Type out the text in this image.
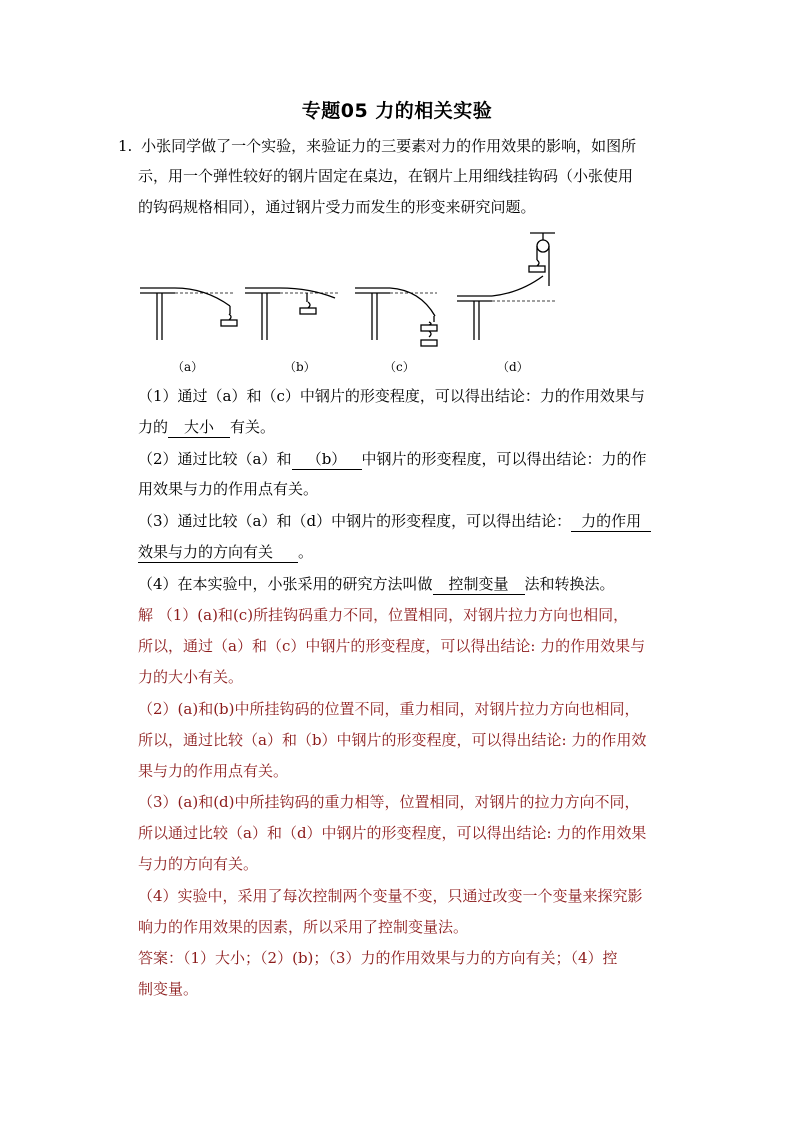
专题05 力的相关实验
1. 小张同学做了一个实验，来验证力的三要素对力的作用效果的影响，如图所
示，用一个弹性较好的钢片固定在桌边，在钢片上用细线挂钩码（小张使用
的钩码规格相同），通过钢片受力而发生的形变来研究问题。
（a）	（b）	（c）	（d）
（1）通过（a）和（c）中钢片的形变程度，可以得出结论：力的作用效果与
力的 大小 有关。
（2）通过比较（a）和 （b） 中钢片的形变程度，可以得出结论：力的作
用效果与力的作用点有关。
（3）通过比较（a）和（d）中钢片的形变程度，可以得出结论： 力的作用
效果与力的方向有关 。
（4）在本实验中，小张采用的研究方法叫做 控制变量 法和转换法。
解 （1）(a)和(c)所挂钩码重力不同，位置相同，对钢片拉力方向也相同，
所以，通过（a）和（c）中钢片的形变程度，可以得出结论: 力的作用效果与
力的大小有关。
（2）(a)和(b)中所挂钩码的位置不同，重力相同，对钢片拉力方向也相同，
所以，通过比较（a）和（b）中钢片的形变程度，可以得出结论: 力的作用效
果与力的作用点有关。
（3）(a)和(d)中所挂钩码的重力相等，位置相同，对钢片的拉力方向不同，
所以通过比较（a）和（d）中钢片的形变程度，可以得出结论: 力的作用效果
与力的方向有关。
（4）实验中，采用了每次控制两个变量不变，只通过改变一个变量来探究影
响力的作用效果的因素，所以采用了控制变量法。
答案：（1）大小；（2）(b)；（3）力的作用效果与力的方向有关；（4）控
制变量。
